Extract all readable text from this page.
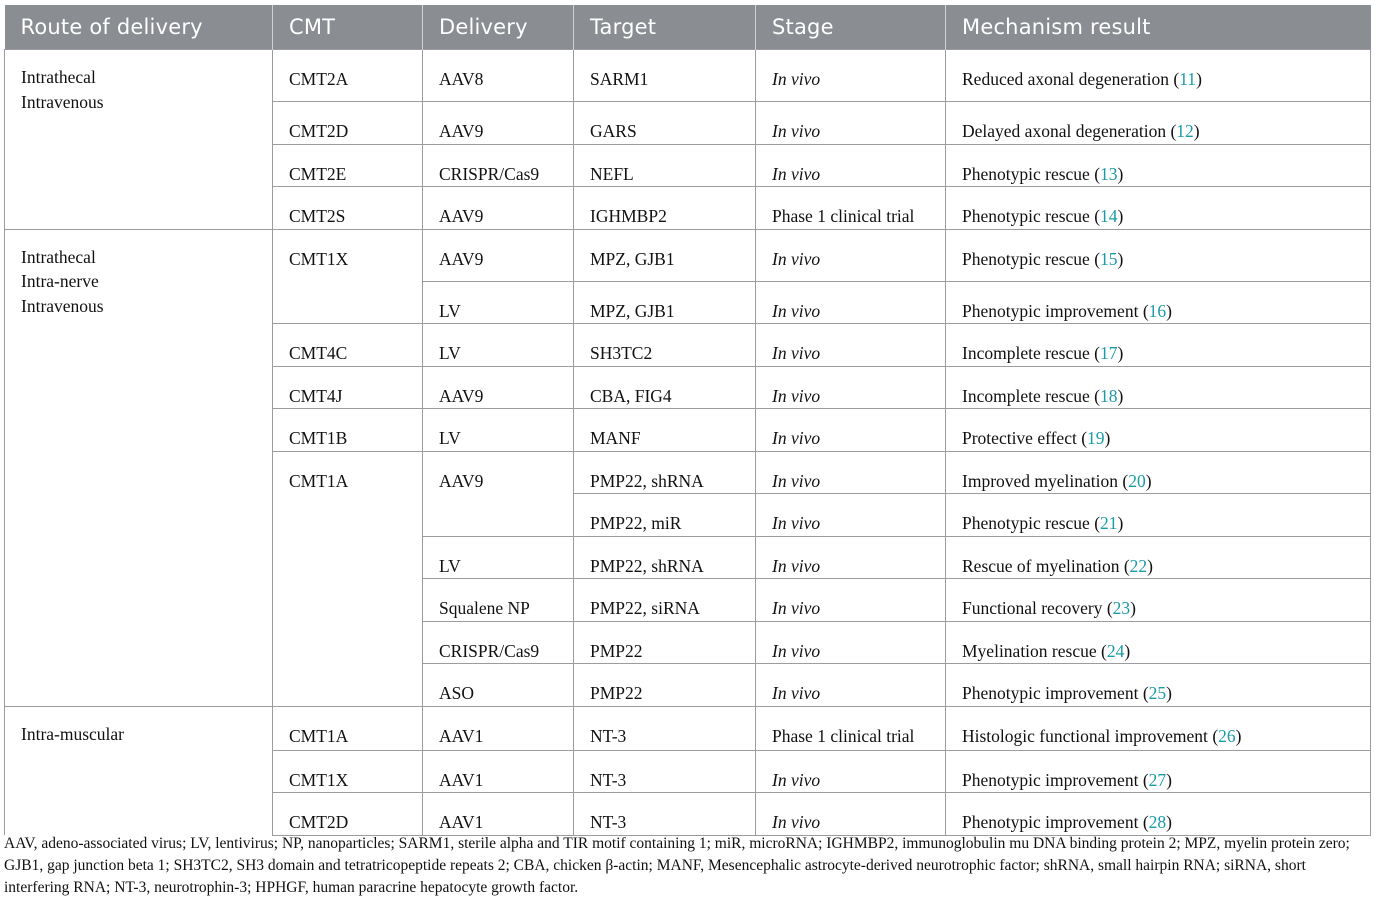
Route of delivery	CMT	Delivery	Target	Stage	Mechanism result

Intrathecal
Intravenous	CMT2A	AAV8	SARM1	In vivo	Reduced axonal degeneration (11)
	CMT2D	AAV9	GARS	In vivo	Delayed axonal degeneration (12)
	CMT2E	CRISPR/Cas9	NEFL	In vivo	Phenotypic rescue (13)
	CMT2S	AAV9	IGHMBP2	Phase 1 clinical trial	Phenotypic rescue (14)

Intrathecal
Intra-nerve
Intravenous	CMT1X	AAV9	MPZ, GJB1	In vivo	Phenotypic rescue (15)
		LV	MPZ, GJB1	In vivo	Phenotypic improvement (16)
	CMT4C	LV	SH3TC2	In vivo	Incomplete rescue (17)
	CMT4J	AAV9	CBA, FIG4	In vivo	Incomplete rescue (18)
	CMT1B	LV	MANF	In vivo	Protective effect (19)
	CMT1A	AAV9	PMP22, shRNA	In vivo	Improved myelination (20)
			PMP22, miR	In vivo	Phenotypic rescue (21)
		LV	PMP22, shRNA	In vivo	Rescue of myelination (22)
		Squalene NP	PMP22, siRNA	In vivo	Functional recovery (23)
		CRISPR/Cas9	PMP22	In vivo	Myelination rescue (24)
		ASO	PMP22	In vivo	Phenotypic improvement (25)

Intra-muscular	CMT1A	AAV1	NT-3	Phase 1 clinical trial	Histologic functional improvement (26)
	CMT1X	AAV1	NT-3	In vivo	Phenotypic improvement (27)
	CMT2D	AAV1	NT-3	In vivo	Phenotypic improvement (28)
AAV, adeno-associated virus; LV, lentivirus; NP, nanoparticles; SARM1, sterile alpha and TIR motif containing 1; miR, microRNA; IGHMBP2, immunoglobulin mu DNA binding protein 2; MPZ, myelin protein zero; GJB1, gap junction beta 1; SH3TC2, SH3 domain and tetratricopeptide repeats 2; CBA, chicken β-actin; MANF, Mesencephalic astrocyte-derived neurotrophic factor; shRNA, small hairpin RNA; siRNA, short interfering RNA; NT-3, neurotrophin-3; HPHGF, human paracrine hepatocyte growth factor.
